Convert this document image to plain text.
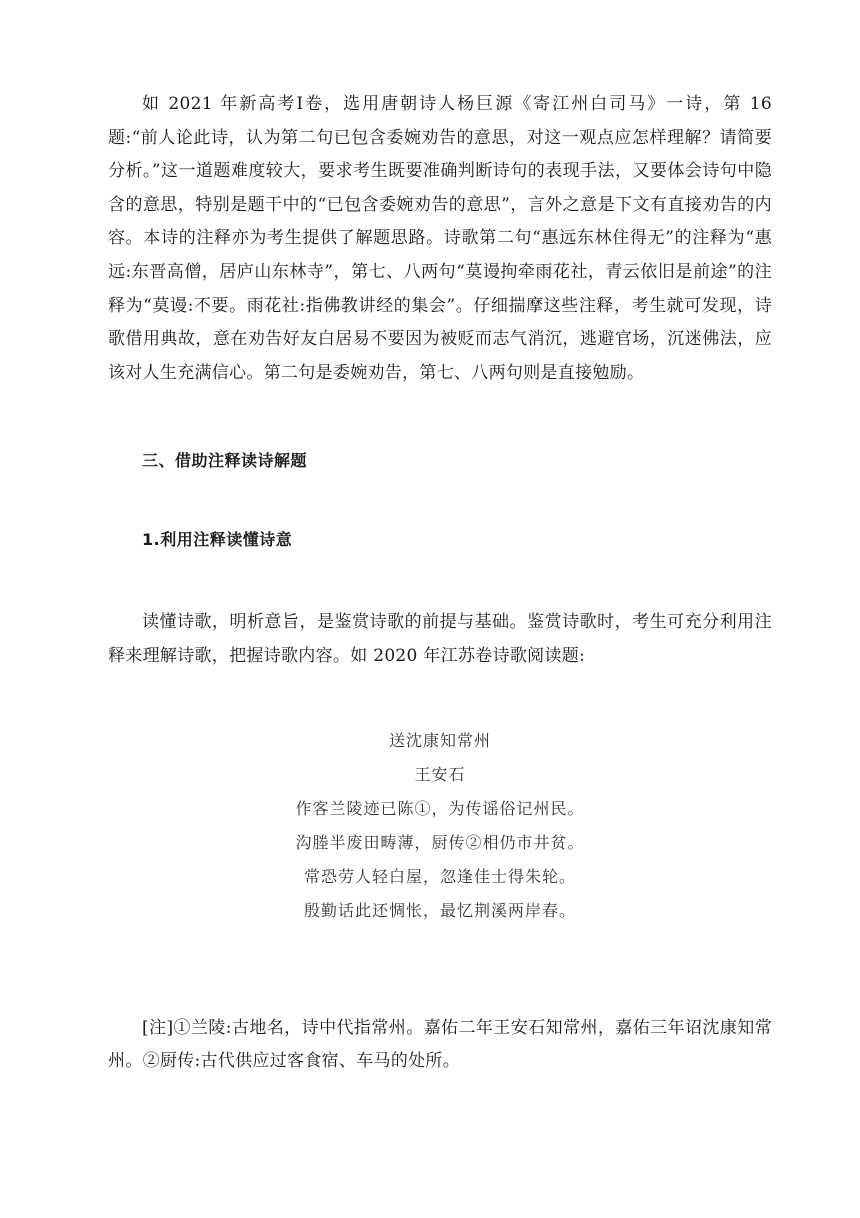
如 2021 年新高考Ⅰ卷，选用唐朝诗人杨巨源《寄江州白司马》一诗，第 16 题:“前人论此诗，认为第二句已包含委婉劝告的意思，对这一观点应怎样理解？请简要分析。”这一道题难度较大，要求考生既要准确判断诗句的表现手法，又要体会诗句中隐含的意思，特别是题干中的“已包含委婉劝告的意思”，言外之意是下文有直接劝告的内容。本诗的注释亦为考生提供了解题思路。诗歌第二句“惠远东林住得无”的注释为“惠远:东晋高僧，居庐山东林寺”，第七、八两句“莫谩拘牵雨花社，青云依旧是前途”的注释为“莫谩:不要。雨花社:指佛教讲经的集会”。仔细揣摩这些注释，考生就可发现，诗歌借用典故，意在劝告好友白居易不要因为被贬而志气消沉，逃避官场，沉迷佛法，应该对人生充满信心。第二句是委婉劝告，第七、八两句则是直接勉励。

三、借助注释读诗解题

1.利用注释读懂诗意

读懂诗歌，明析意旨，是鉴赏诗歌的前提与基础。鉴赏诗歌时，考生可充分利用注释来理解诗歌，把握诗歌内容。如 2020 年江苏卷诗歌阅读题:

送沈康知常州
王安石
作客兰陵迹已陈①，为传谣俗记州民。
沟塍半废田畴薄，厨传②相仍市井贫。
常恐劳人轻白屋，忽逢佳士得朱轮。
殷勤话此还惆怅，最忆荆溪两岸春。

[注]①兰陵:古地名，诗中代指常州。嘉佑二年王安石知常州，嘉佑三年诏沈康知常州。②厨传:古代供应过客食宿、车马的处所。
